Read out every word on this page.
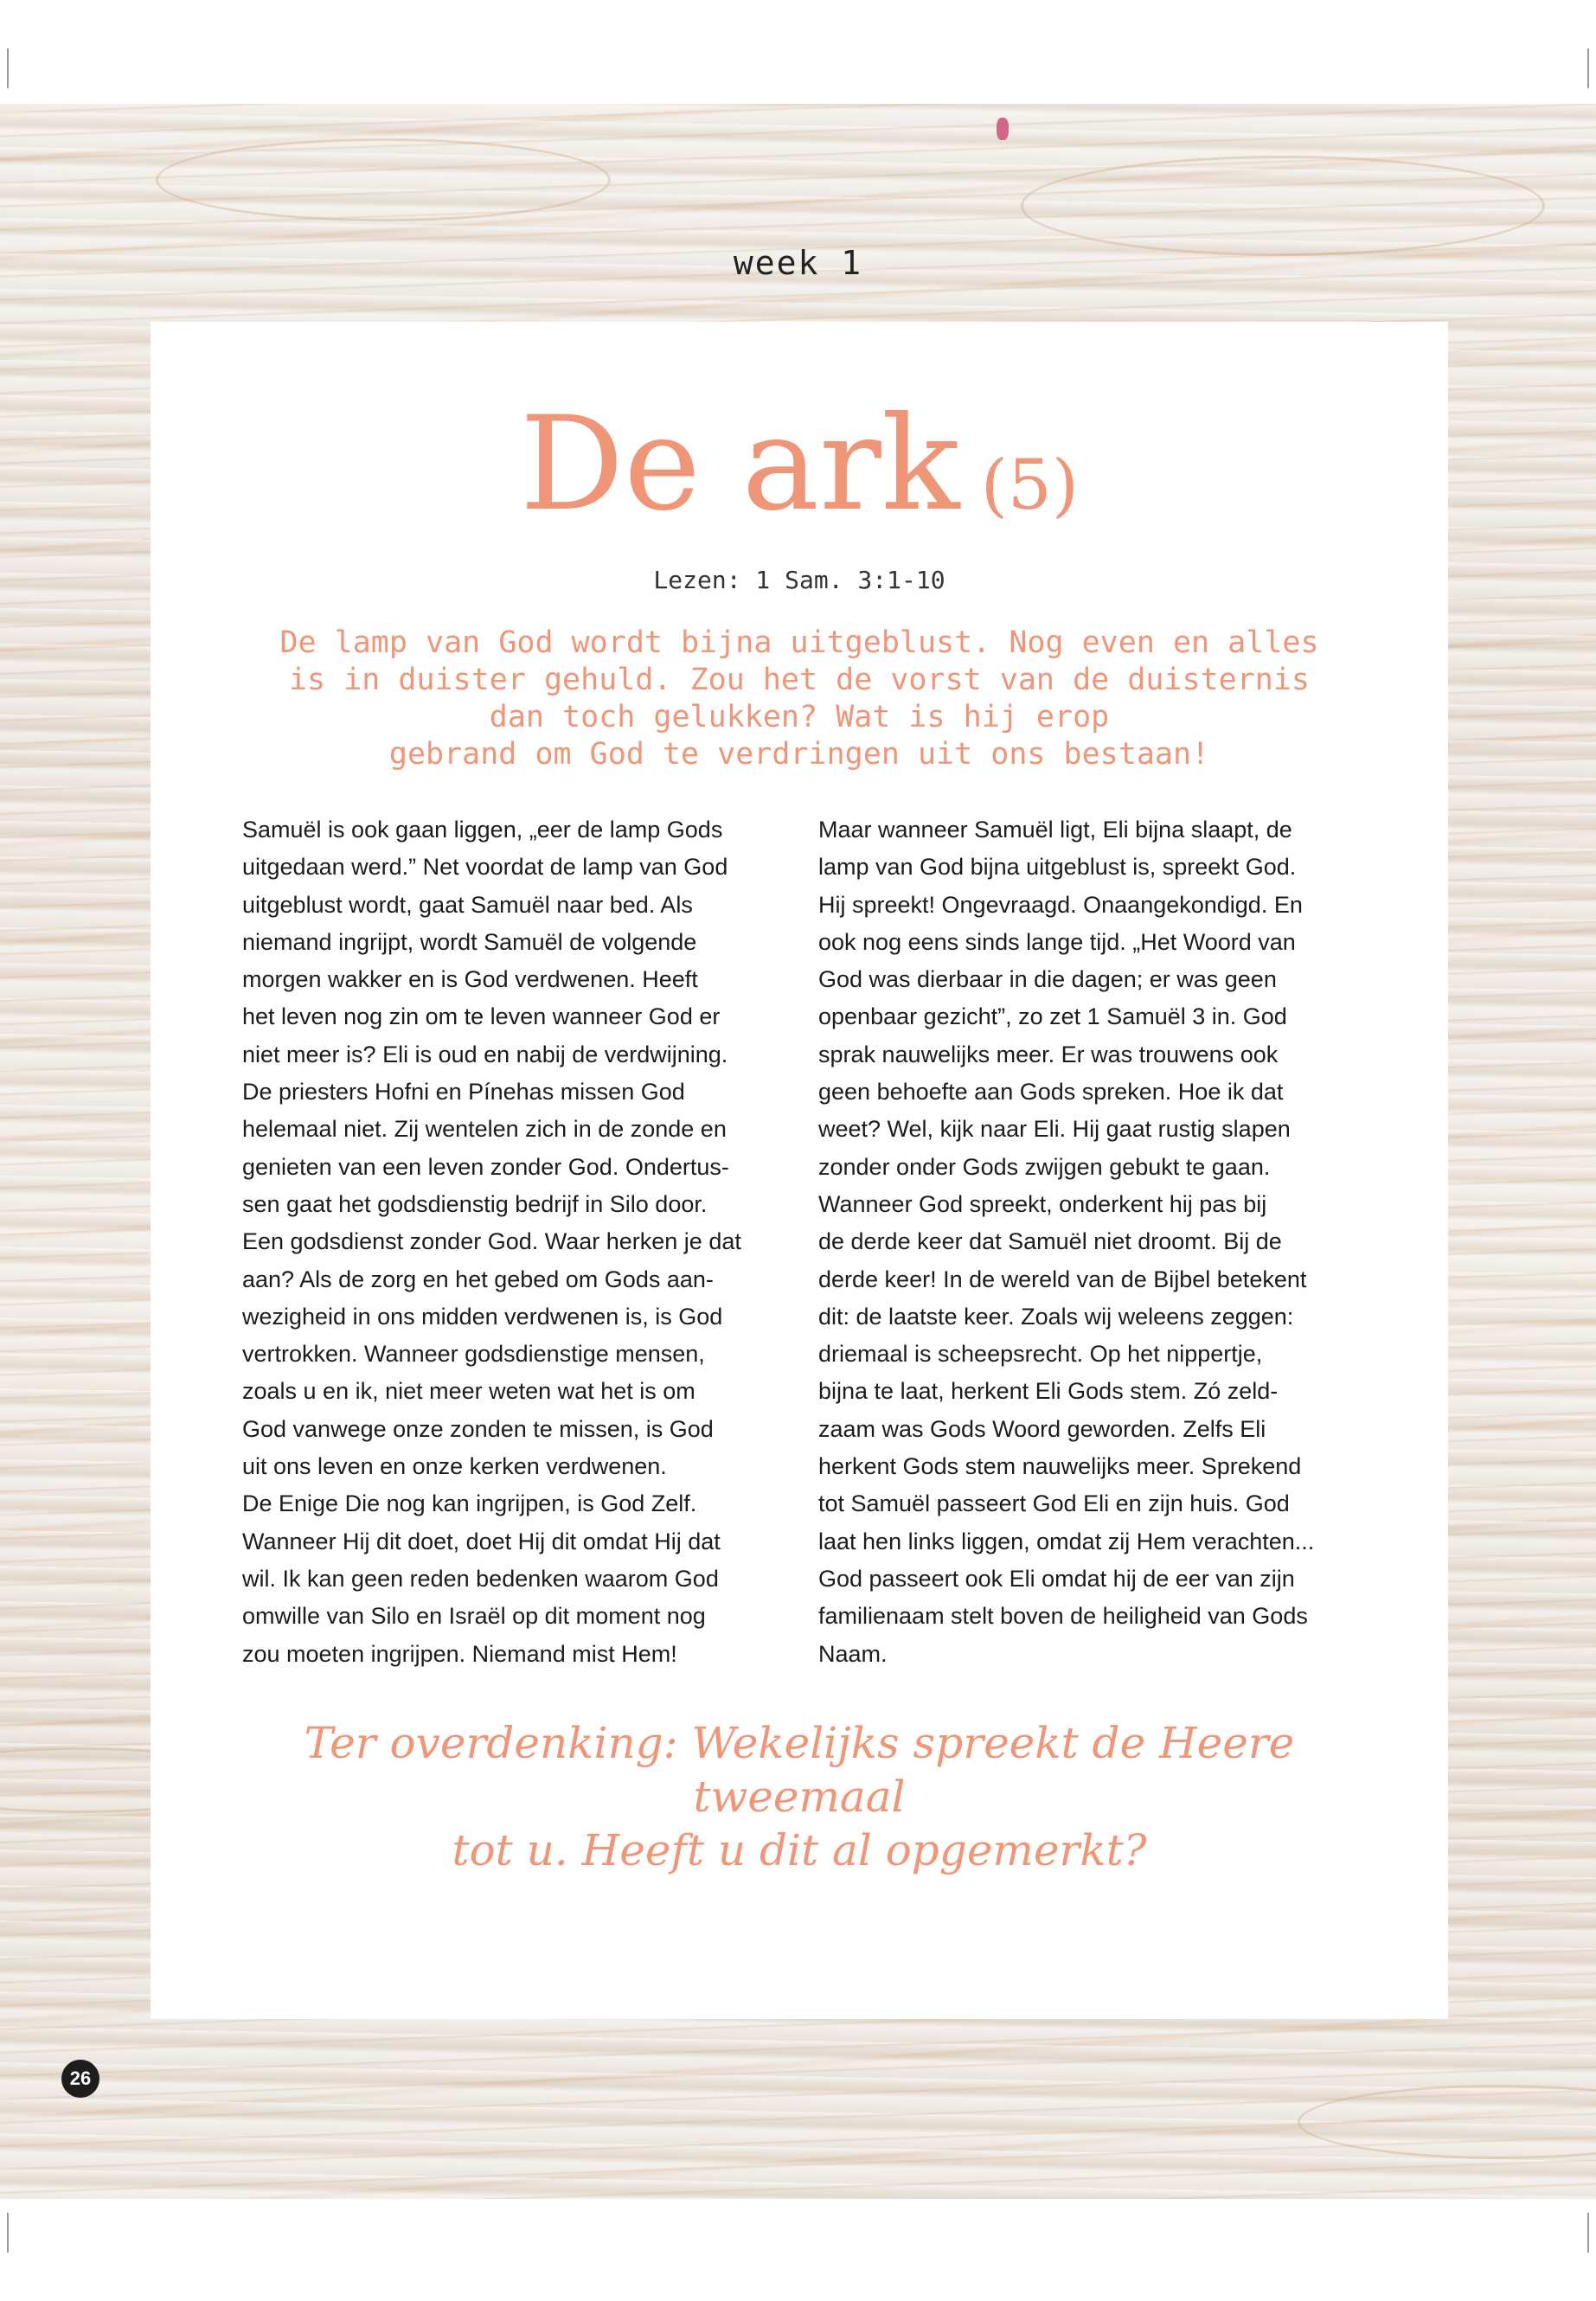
week 1
De ark (5)
Lezen: 1 Sam. 3:1-10

De lamp van God wordt bijna uitgeblust. Nog even en alles
is in duister gehuld. Zou het de vorst van de duisternis
dan toch gelukken? Wat is hij erop
gebrand om God te verdringen uit ons bestaan!

Samuël is ook gaan liggen, „eer de lamp Gods
uitgedaan werd.” Net voordat de lamp van God
uitgeblust wordt, gaat Samuël naar bed. Als
niemand ingrijpt, wordt Samuël de volgende
morgen wakker en is God verdwenen. Heeft
het leven nog zin om te leven wanneer God er
niet meer is? Eli is oud en nabij de verdwijning.
De priesters Hofni en Pínehas missen God
helemaal niet. Zij wentelen zich in de zonde en
genieten van een leven zonder God. Ondertus-
sen gaat het godsdienstig bedrijf in Silo door.
Een godsdienst zonder God. Waar herken je dat
aan? Als de zorg en het gebed om Gods aan-
wezigheid in ons midden verdwenen is, is God
vertrokken. Wanneer godsdienstige mensen,
zoals u en ik, niet meer weten wat het is om
God vanwege onze zonden te missen, is God
uit ons leven en onze kerken verdwenen.
De Enige Die nog kan ingrijpen, is God Zelf.
Wanneer Hij dit doet, doet Hij dit omdat Hij dat
wil. Ik kan geen reden bedenken waarom God
omwille van Silo en Israël op dit moment nog
zou moeten ingrijpen. Niemand mist Hem!
Maar wanneer Samuël ligt, Eli bijna slaapt, de
lamp van God bijna uitgeblust is, spreekt God.
Hij spreekt! Ongevraagd. Onaangekondigd. En
ook nog eens sinds lange tijd. „Het Woord van
God was dierbaar in die dagen; er was geen
openbaar gezicht”, zo zet 1 Samuël 3 in. God
sprak nauwelijks meer. Er was trouwens ook
geen behoefte aan Gods spreken. Hoe ik dat
weet? Wel, kijk naar Eli. Hij gaat rustig slapen
zonder onder Gods zwijgen gebukt te gaan.
Wanneer God spreekt, onderkent hij pas bij
de derde keer dat Samuël niet droomt. Bij de
derde keer! In de wereld van de Bijbel betekent
dit: de laatste keer. Zoals wij weleens zeggen:
driemaal is scheepsrecht. Op het nippertje,
bijna te laat, herkent Eli Gods stem. Zó zeld-
zaam was Gods Woord geworden. Zelfs Eli
herkent Gods stem nauwelijks meer. Sprekend
tot Samuël passeert God Eli en zijn huis. God
laat hen links liggen, omdat zij Hem verachten...
God passeert ook Eli omdat hij de eer van zijn
familienaam stelt boven de heiligheid van Gods
Naam.

Ter overdenking: Wekelijks spreekt de Heere tweemaal
tot u. Heeft u dit al opgemerkt?

26
